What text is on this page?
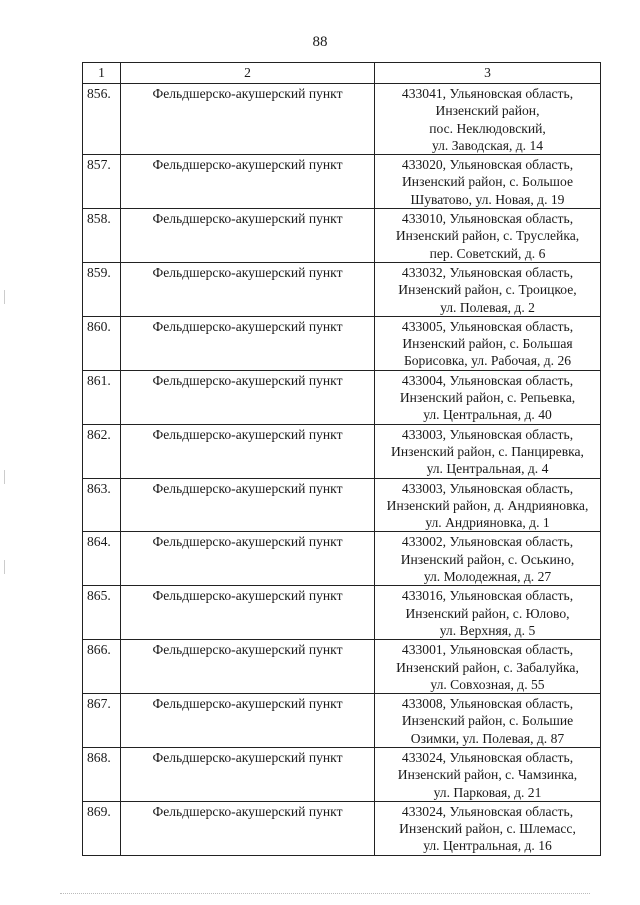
88
1	2	3
856.	Фельдшерско-акушерский пункт	433041, Ульяновская область,
Инзенский район,
пос. Неклюдовский,
ул. Заводская, д. 14

857.	Фельдшерско-акушерский пункт	433020, Ульяновская область,
Инзенский район, с. Большое
Шуватово, ул. Новая, д. 19

858.	Фельдшерско-акушерский пункт	433010, Ульяновская область,
Инзенский район, с. Труслейка,
пер. Советский, д. 6

859.	Фельдшерско-акушерский пункт	433032, Ульяновская область,
Инзенский район, с. Троицкое,
ул. Полевая, д. 2

860.	Фельдшерско-акушерский пункт	433005, Ульяновская область,
Инзенский район, с. Большая
Борисовка, ул. Рабочая, д. 26

861.	Фельдшерско-акушерский пункт	433004, Ульяновская область,
Инзенский район, с. Репьевка,
ул. Центральная, д. 40

862.	Фельдшерско-акушерский пункт	433003, Ульяновская область,
Инзенский район, с. Панциревка,
ул. Центральная, д. 4

863.	Фельдшерско-акушерский пункт	433003, Ульяновская область,
Инзенский район, д. Андрияновка,
ул. Андрияновка, д. 1

864.	Фельдшерско-акушерский пункт	433002, Ульяновская область,
Инзенский район, с. Оськино,
ул. Молодежная, д. 27

865.	Фельдшерско-акушерский пункт	433016, Ульяновская область,
Инзенский район, с. Юлово,
ул. Верхняя, д. 5

866.	Фельдшерско-акушерский пункт	433001, Ульяновская область,
Инзенский район, с. Забалуйка,
ул. Совхозная, д. 55

867.	Фельдшерско-акушерский пункт	433008, Ульяновская область,
Инзенский район, с. Большие
Озимки, ул. Полевая, д. 87

868.	Фельдшерско-акушерский пункт	433024, Ульяновская область,
Инзенский район, с. Чамзинка,
ул. Парковая, д. 21

869.	Фельдшерско-акушерский пункт	433024, Ульяновская область,
Инзенский район, с. Шлемасс,
ул. Центральная, д. 16
